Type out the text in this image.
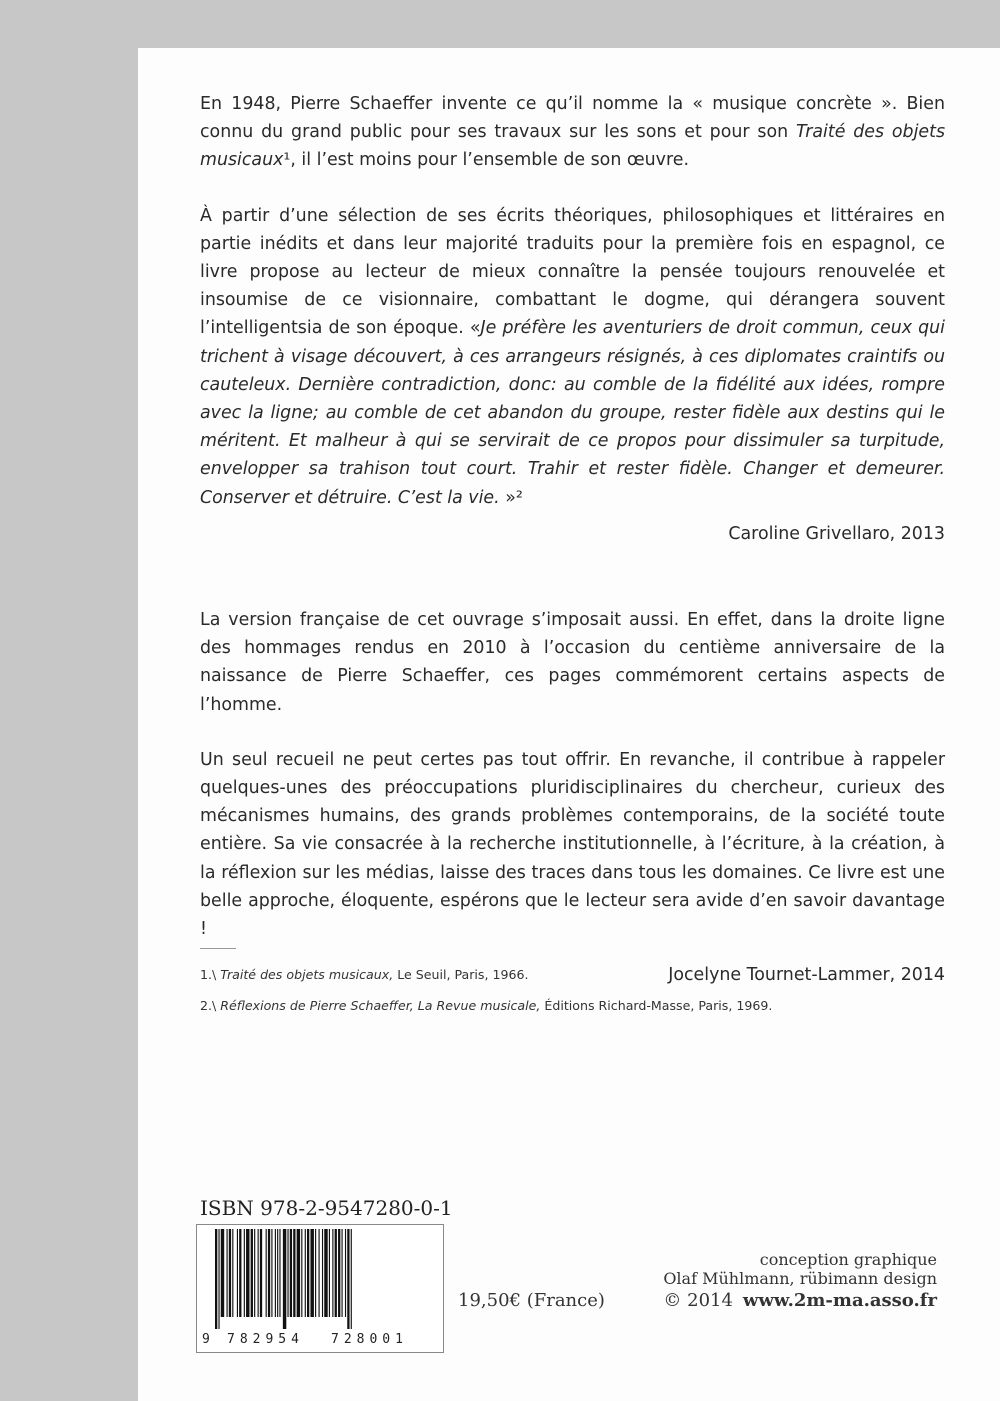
En 1948, Pierre Schaeffer invente ce qu’il nomme la « musique concrète ». Bien connu du grand public pour ses travaux sur les sons et pour son Traité des objets musicaux¹, il l’est moins pour l’ensemble de son œuvre.

À partir d’une sélection de ses écrits théoriques, philosophiques et littéraires en partie inédits et dans leur majorité traduits pour la première fois en espagnol, ce livre propose au lecteur de mieux connaître la pensée toujours renouvelée et insoumise de ce visionnaire, combattant le dogme, qui dérangera souvent l’intelligentsia de son époque. «Je préfère les aventuriers de droit commun, ceux qui trichent à visage découvert, à ces arrangeurs résignés, à ces diplomates craintifs ou cauteleux. Dernière contradiction, donc: au comble de la fidélité aux idées, rompre avec la ligne; au comble de cet abandon du groupe, rester fidèle aux destins qui le méritent. Et malheur à qui se servirait de ce propos pour dissimuler sa turpitude, envelopper sa trahison tout court. Trahir et rester fidèle. Changer et demeurer. Conserver et détruire. C’est la vie. »²

Caroline Grivellaro, 2013

La version française de cet ouvrage s’imposait aussi. En effet, dans la droite ligne des hommages rendus en 2010 à l’occasion du centième anniversaire de la naissance de Pierre Schaeffer, ces pages commémorent certains aspects de l’homme.

Un seul recueil ne peut certes pas tout offrir. En revanche, il contribue à rappeler quelques-unes des préoccupations pluridisciplinaires du chercheur, curieux des mécanismes humains, des grands problèmes contemporains, de la société toute entière. Sa vie consacrée à la recherche institutionnelle, à l’écriture, à la création, à la réflexion sur les médias, laisse des traces dans tous les domaines. Ce livre est une belle approche, éloquente, espérons que le lecteur sera avide d’en savoir davantage !

Jocelyne Tournet-Lammer, 2014

1.\ Traité des objets musicaux, Le Seuil, Paris, 1966.

2.\ Réflexions de Pierre Schaeffer, La Revue musicale, Éditions Richard-Masse, Paris, 1969.

ISBN 978-2-9547280-0-1
9 782954 728001
19,50€ (France)
conception graphique
Olaf Mühlmann, rübimann design
© 2014 www.2m-ma.asso.fr
